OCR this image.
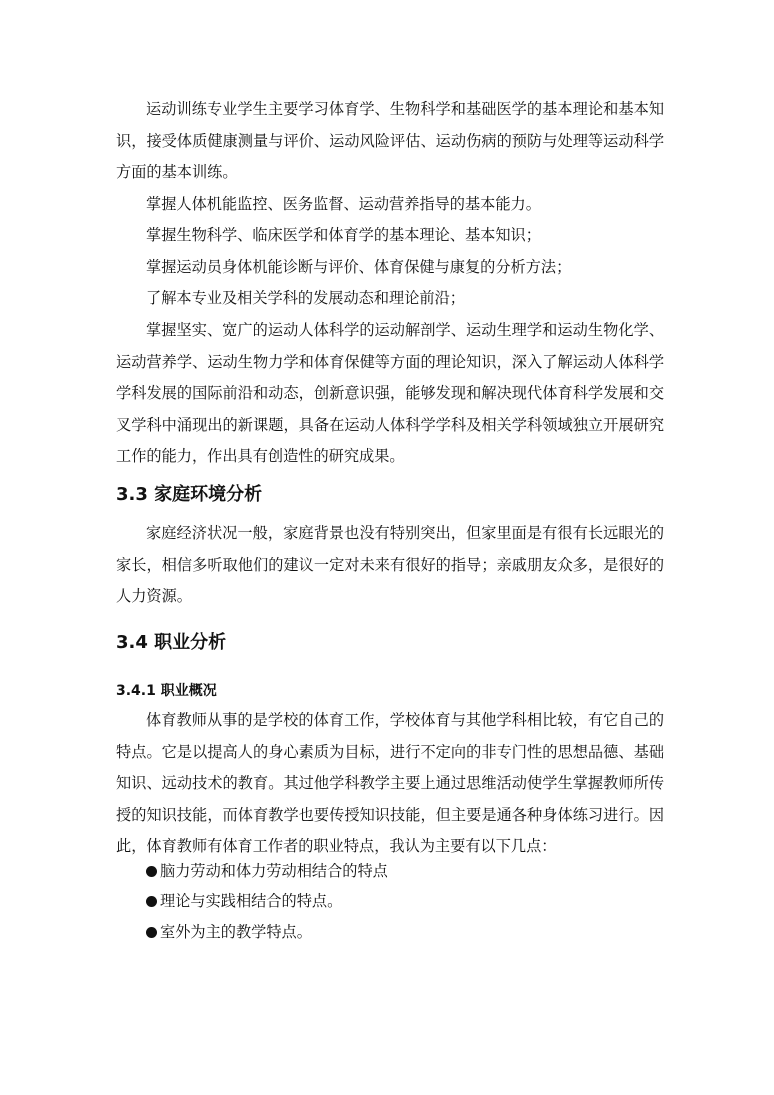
运动训练专业学生主要学习体育学、生物科学和基础医学的基本理论和基本知识，接受体质健康测量与评价、运动风险评估、运动伤病的预防与处理等运动科学方面的基本训练。

掌握人体机能监控、医务监督、运动营养指导的基本能力。

掌握生物科学、临床医学和体育学的基本理论、基本知识；

掌握运动员身体机能诊断与评价、体育保健与康复的分析方法；

了解本专业及相关学科的发展动态和理论前沿；

掌握坚实、宽广的运动人体科学的运动解剖学、运动生理学和运动生物化学、运动营养学、运动生物力学和体育保健等方面的理论知识，深入了解运动人体科学学科发展的国际前沿和动态，创新意识强，能够发现和解决现代体育科学发展和交叉学科中涌现出的新课题，具备在运动人体科学学科及相关学科领域独立开展研究工作的能力，作出具有创造性的研究成果。

3.3 家庭环境分析

家庭经济状况一般，家庭背景也没有特别突出，但家里面是有很有长远眼光的家长，相信多听取他们的建议一定对未来有很好的指导；亲戚朋友众多，是很好的人力资源。

3.4 职业分析
3.4.1 职业概况

体育教师从事的是学校的体育工作，学校体育与其他学科相比较，有它自己的特点。它是以提高人的身心素质为目标，进行不定向的非专门性的思想品德、基础知识、远动技术的教育。其过他学科教学主要上通过思维活动使学生掌握教师所传授的知识技能，而体育教学也要传授知识技能，但主要是通各种身体练习进行。因此，体育教师有体育工作者的职业特点，我认为主要有以下几点：

脑力劳动和体力劳动相结合的特点

理论与实践相结合的特点。

室外为主的教学特点。
